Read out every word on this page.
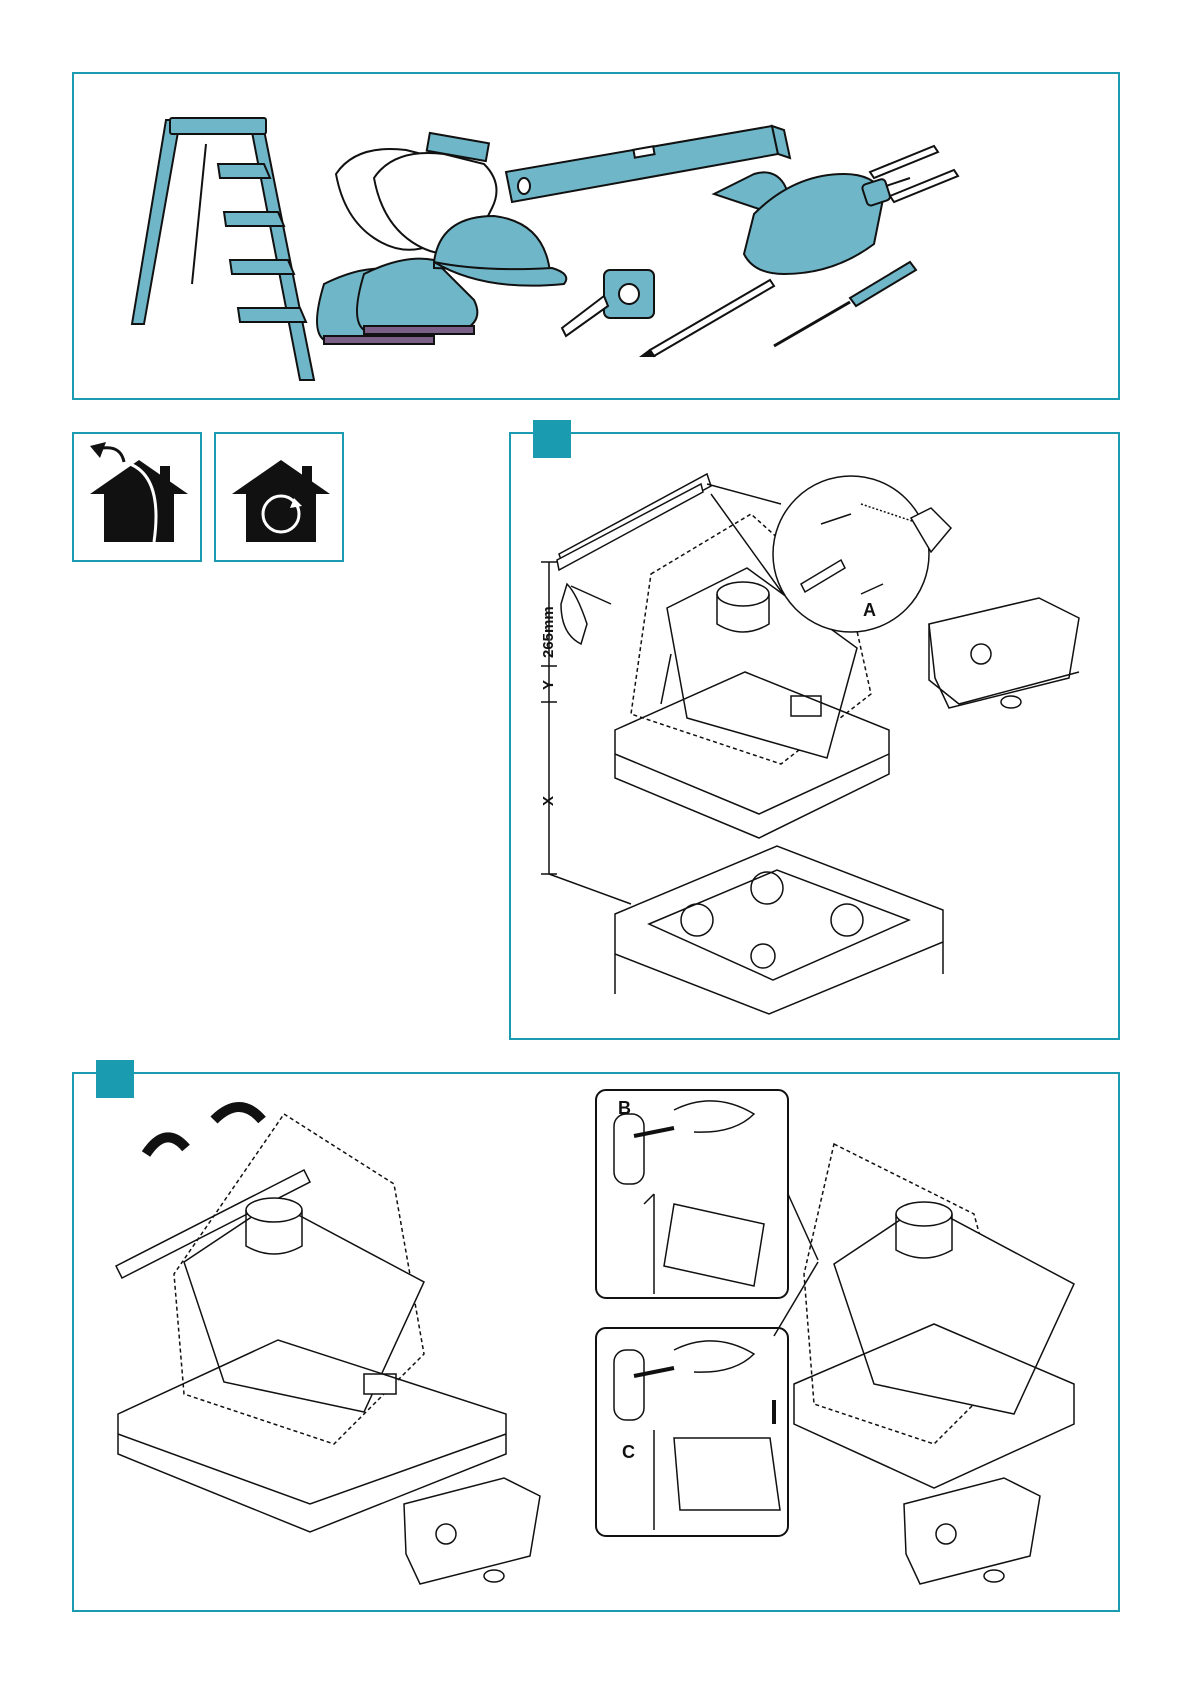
265mm
Y
X
A
B
C
